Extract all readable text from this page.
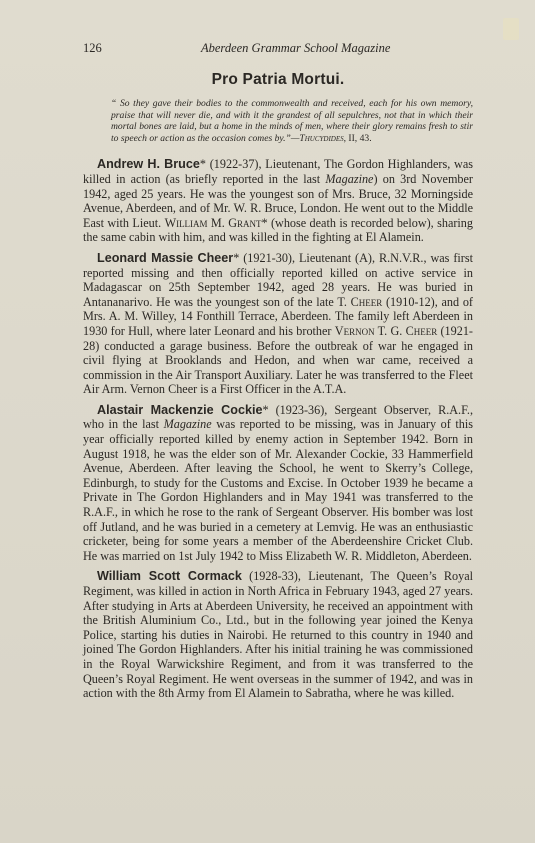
126	Aberdeen Grammar School Magazine
Pro Patria Mortui.
“ So they gave their bodies to the commonwealth and received, each for his own memory, praise that will never die, and with it the grandest of all sepulchres, not that in which their mortal bones are laid, but a home in the minds of men, where their glory remains fresh to stir to speech or action as the occasion comes by.”—Thucydides, II, 43.

Andrew H. Bruce* (1922-37), Lieutenant, The Gordon Highlanders, was killed in action (as briefly reported in the last Magazine) on 3rd November 1942, aged 25 years. He was the youngest son of Mrs. Bruce, 32 Morningside Avenue, Aberdeen, and of Mr. W. R. Bruce, London. He went out to the Middle East with Lieut. William M. Grant* (whose death is recorded below), sharing the same cabin with him, and was killed in the fighting at El Alamein.

Leonard Massie Cheer* (1921-30), Lieutenant (A), R.N.V.R., was first reported missing and then officially reported killed on active service in Madagascar on 25th September 1942, aged 28 years. He was buried in Antananarivo. He was the youngest son of the late T. Cheer (1910-12), and of Mrs. A. M. Willey, 14 Fonthill Terrace, Aberdeen. The family left Aberdeen in 1930 for Hull, where later Leonard and his brother Vernon T. G. Cheer (1921-28) conducted a garage business. Before the outbreak of war he engaged in civil flying at Brooklands and Hedon, and when war came, received a commission in the Air Transport Auxiliary. Later he was transferred to the Fleet Air Arm. Vernon Cheer is a First Officer in the A.T.A.

Alastair Mackenzie Cockie* (1923-36), Sergeant Observer, R.A.F., who in the last Magazine was reported to be missing, was in January of this year officially reported killed by enemy action in September 1942. Born in August 1918, he was the elder son of Mr. Alexander Cockie, 33 Hammerfield Avenue, Aberdeen. After leaving the School, he went to Skerry’s College, Edinburgh, to study for the Customs and Excise. In October 1939 he became a Private in The Gordon Highlanders and in May 1941 was transferred to the R.A.F., in which he rose to the rank of Sergeant Observer. His bomber was lost off Jutland, and he was buried in a cemetery at Lemvig. He was an enthusiastic cricketer, being for some years a member of the Aberdeenshire Cricket Club. He was married on 1st July 1942 to Miss Elizabeth W. R. Middleton, Aberdeen.

William Scott Cormack (1928-33), Lieutenant, The Queen’s Royal Regiment, was killed in action in North Africa in February 1943, aged 27 years. After studying in Arts at Aberdeen University, he received an appointment with the British Aluminium Co., Ltd., but in the following year joined the Kenya Police, starting his duties in Nairobi. He returned to this country in 1940 and joined The Gordon Highlanders. After his initial training he was commissioned in the Royal Warwickshire Regiment, and from it was transferred to the Queen’s Royal Regiment. He went overseas in the summer of 1942, and was in action with the 8th Army from El Alamein to Sabratha, where he was killed.
